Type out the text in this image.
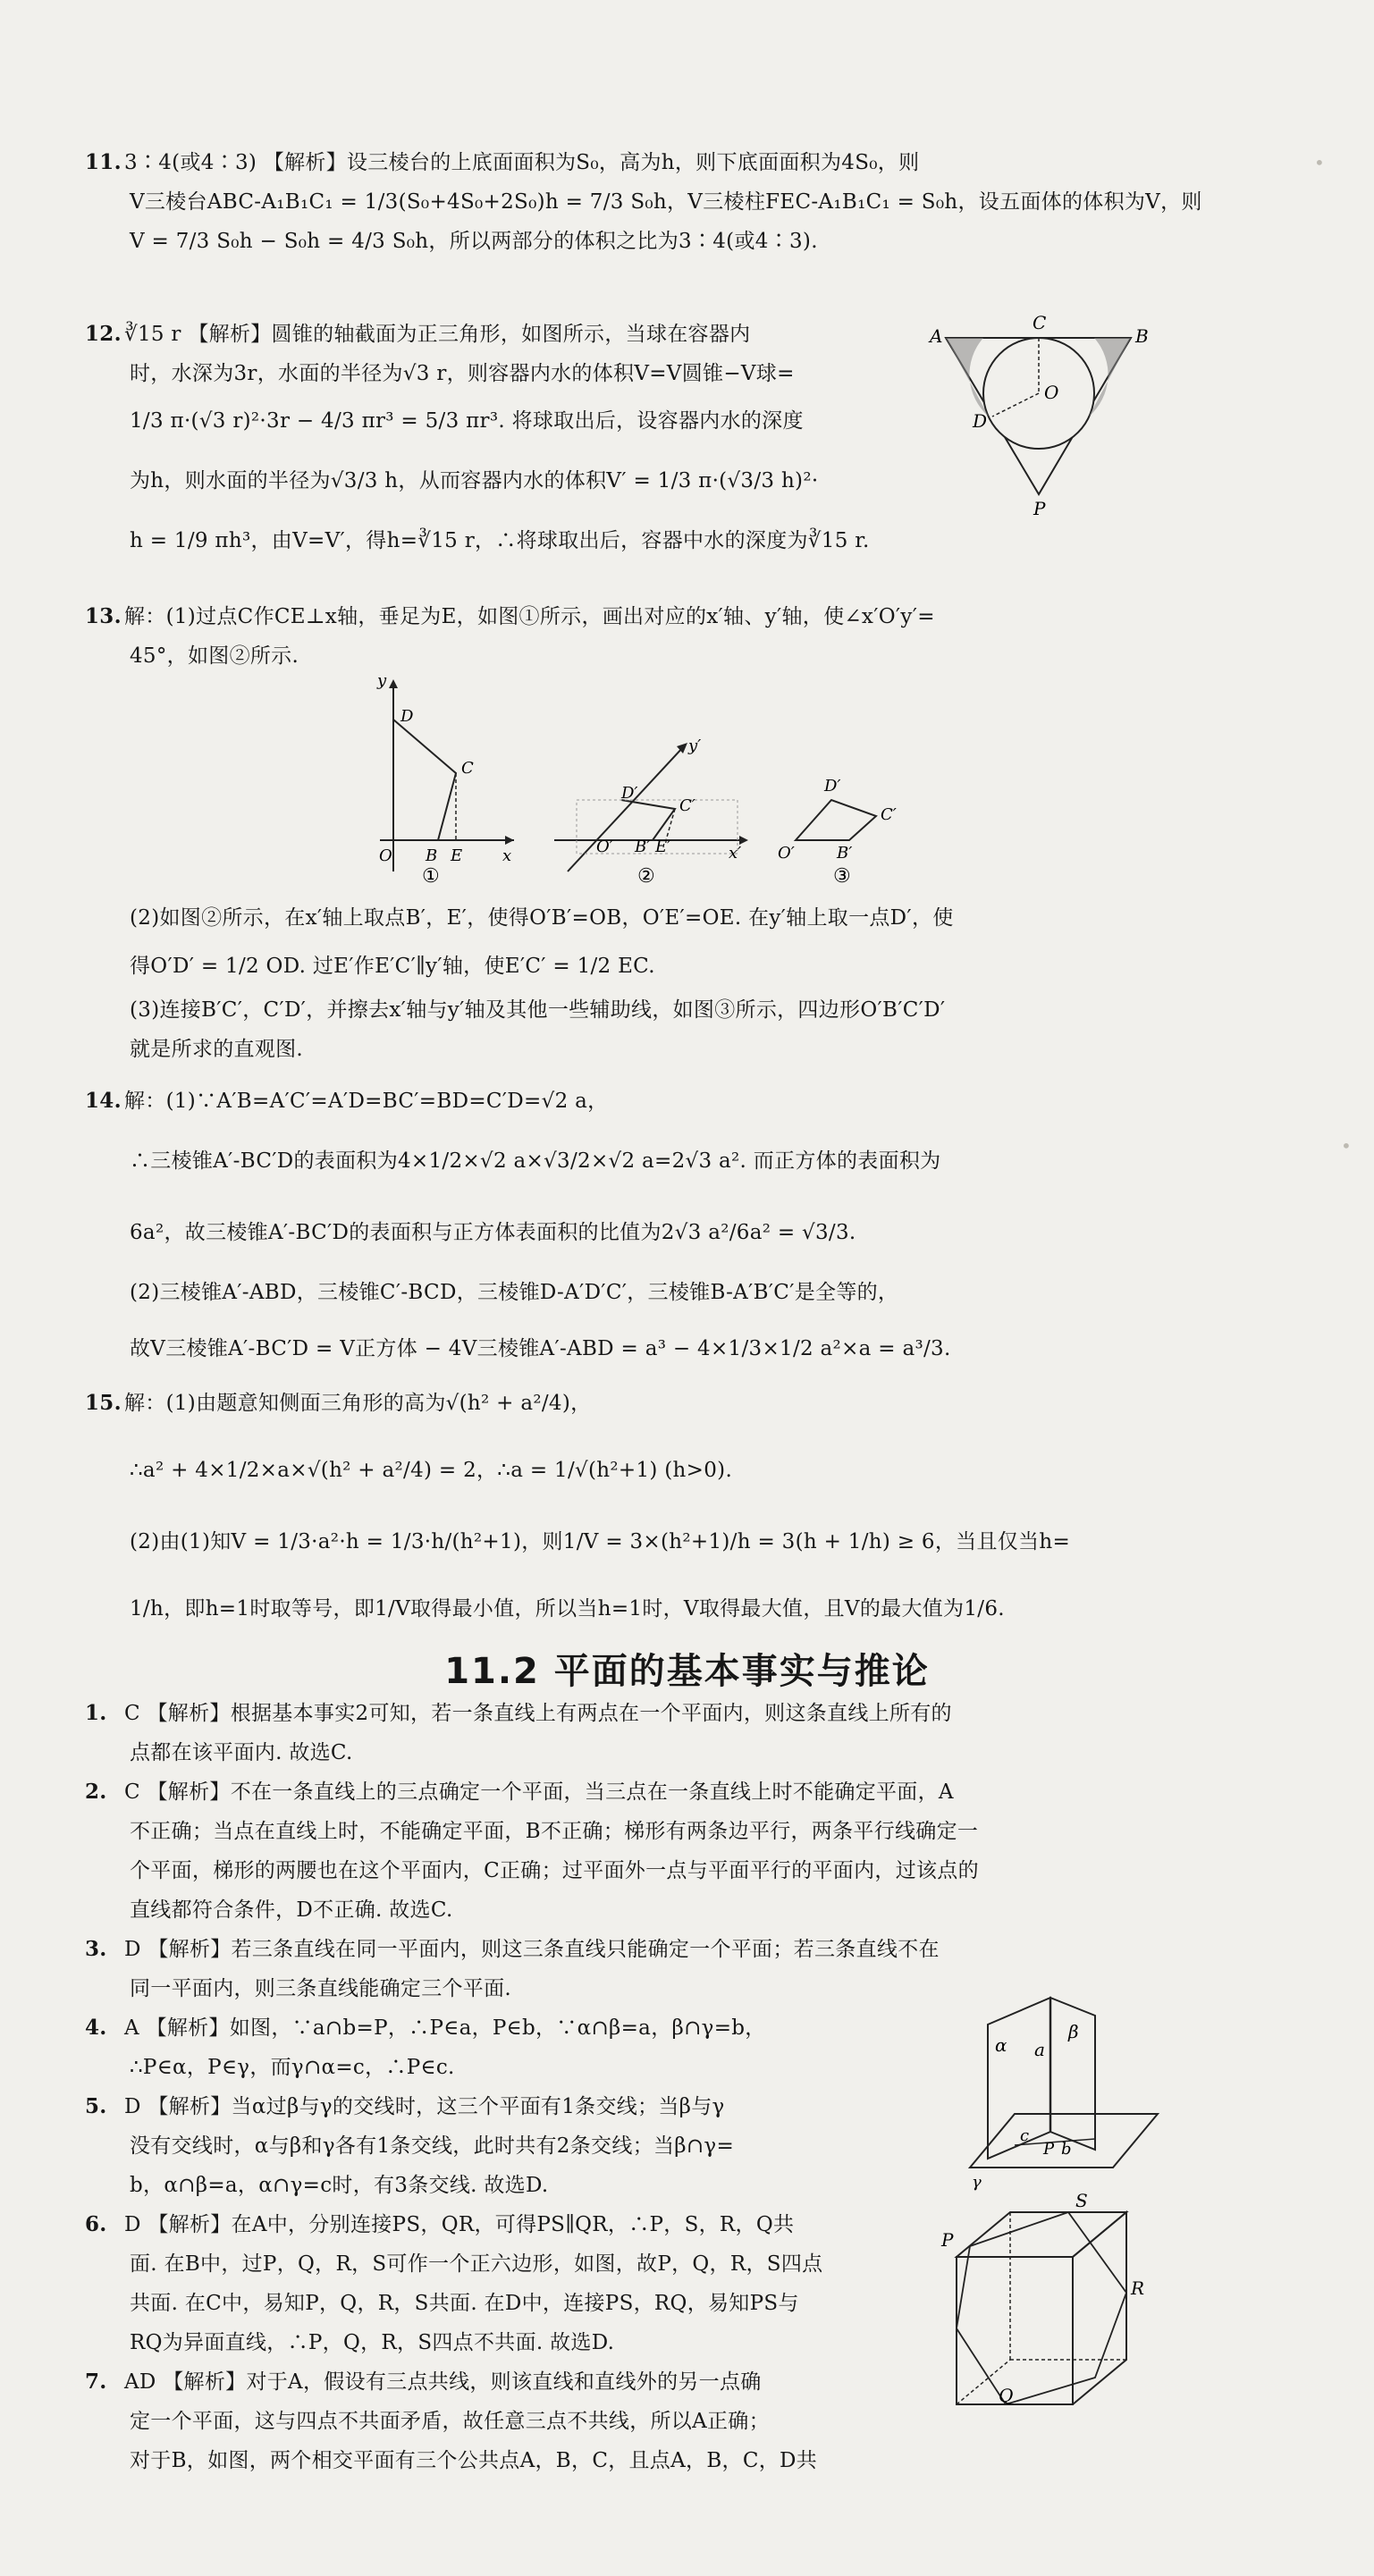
11. 3∶4(或4∶3) 【解析】设三棱台的上底面面积为S₀，高为h，则下底面面积为4S₀，则
V三棱台ABC-A₁B₁C₁ = 1/3(S₀+4S₀+2S₀)h = 7/3 S₀h，V三棱柱FEC-A₁B₁C₁ = S₀h，设五面体的体积为V，则
V = 7/3 S₀h − S₀h = 4/3 S₀h，所以两部分的体积之比为3∶4(或4∶3).
12. ∛15 r 【解析】圆锥的轴截面为正三角形，如图所示，当球在容器内
时，水深为3r，水面的半径为√3 r，则容器内水的体积V=V圆锥−V球=
1/3 π·(√3 r)²·3r − 4/3 πr³ = 5/3 πr³. 将球取出后，设容器内水的深度
为h，则水面的半径为√3/3 h，从而容器内水的体积V′ = 1/3 π·(√3/3 h)²·
h = 1/9 πh³，由V=V′，得h=∛15 r，∴将球取出后，容器中水的深度为∛15 r.
A	B
C
O
D
P
13. 解：(1)过点C作CE⊥x轴，垂足为E，如图①所示，画出对应的x′轴、y′轴，使∠x′O′y′=
45°，如图②所示.
y
D
C
O B E x
①
y′
D′
C′
O′ B′ E′	x′
②
D′
C′
O′	B′
③
(2)如图②所示，在x′轴上取点B′，E′，使得O′B′=OB，O′E′=OE. 在y′轴上取一点D′，使
得O′D′ = 1/2 OD. 过E′作E′C′∥y′轴，使E′C′ = 1/2 EC.
(3)连接B′C′，C′D′，并擦去x′轴与y′轴及其他一些辅助线，如图③所示，四边形O′B′C′D′
就是所求的直观图.
14. 解：(1)∵A′B=A′C′=A′D=BC′=BD=C′D=√2 a，
∴三棱锥A′-BC′D的表面积为4×1/2×√2 a×√3/2×√2 a=2√3 a². 而正方体的表面积为
6a²，故三棱锥A′-BC′D的表面积与正方体表面积的比值为2√3 a²/6a² = √3/3.
(2)三棱锥A′-ABD，三棱锥C′-BCD，三棱锥D-A′D′C′，三棱锥B-A′B′C′是全等的，
故V三棱锥A′-BC′D = V正方体 − 4V三棱锥A′-ABD = a³ − 4×1/3×1/2 a²×a = a³/3.
15. 解：(1)由题意知侧面三角形的高为√(h² + a²/4)，
∴a² + 4×1/2×a×√(h² + a²/4) = 2，∴a = 1/√(h²+1) (h>0).
(2)由(1)知V = 1/3·a²·h = 1/3·h/(h²+1)，则1/V = 3×(h²+1)/h = 3(h + 1/h) ≥ 6，当且仅当h=
1/h，即h=1时取等号，即1/V取得最小值，所以当h=1时，V取得最大值，且V的最大值为1/6.
11.2 平面的基本事实与推论
1. C 【解析】根据基本事实2可知，若一条直线上有两点在一个平面内，则这条直线上所有的
点都在该平面内. 故选C.
2. C 【解析】不在一条直线上的三点确定一个平面，当三点在一条直线上时不能确定平面，A
不正确；当点在直线上时，不能确定平面，B不正确；梯形有两条边平行，两条平行线确定一
个平面，梯形的两腰也在这个平面内，C正确；过平面外一点与平面平行的平面内，过该点的
直线都符合条件，D不正确. 故选C.
3. D 【解析】若三条直线在同一平面内，则这三条直线只能确定一个平面；若三条直线不在
同一平面内，则三条直线能确定三个平面.
4. A 【解析】如图，∵a∩b=P，∴P∈a，P∈b，∵α∩β=a，β∩γ=b，
∴P∈α，P∈γ，而γ∩α=c，∴P∈c.
5. D 【解析】当α过β与γ的交线时，这三个平面有1条交线；当β与γ
没有交线时，α与β和γ各有1条交线，此时共有2条交线；当β∩γ=
b，α∩β=a，α∩γ=c时，有3条交线. 故选D.
6. D 【解析】在A中，分别连接PS，QR，可得PS∥QR，∴P，S，R，Q共
面. 在B中，过P，Q，R，S可作一个正六边形，如图，故P，Q，R，S四点
共面. 在C中，易知P，Q，R，S共面. 在D中，连接PS，RQ，易知PS与
RQ为异面直线，∴P，Q，R，S四点不共面. 故选D.
7. AD 【解析】对于A，假设有三点共线，则该直线和直线外的另一点确
定一个平面，这与四点不共面矛盾，故任意三点不共线，所以A正确；
对于B，如图，两个相交平面有三个公共点A，B，C，且点A，B，C，D共
α a
β
b
c
P
γ
P
S
R
Q
•
•
